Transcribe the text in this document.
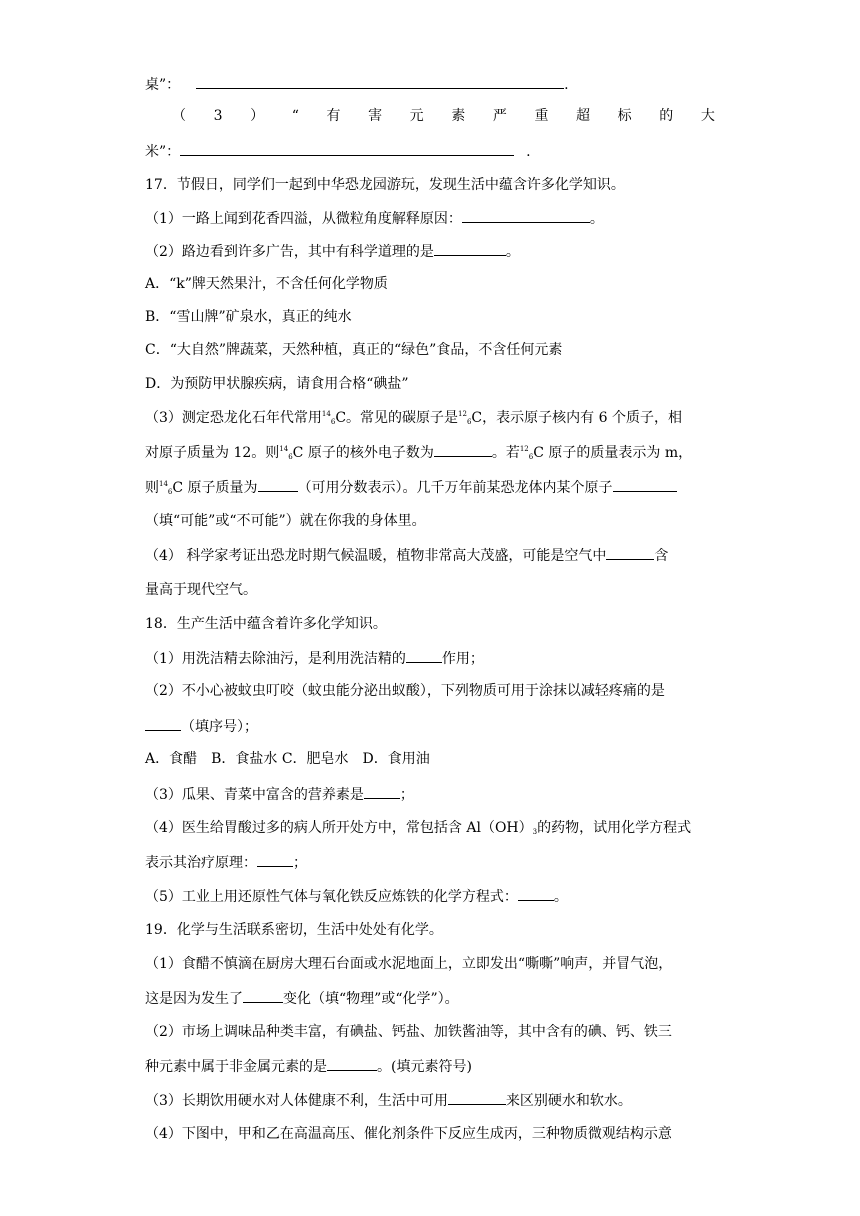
桌”：	.
（ 3 ） “ 有 害 元 素 严 重 超 标 的 大
米”：	.
17．节假日，同学们一起到中华恐龙园游玩，发现生活中蕴含许多化学知识。
（1）一路上闻到花香四溢，从微粒角度解释原因：	。
（2）路边看到许多广告，其中有科学道理的是	。
A．“k”牌天然果汁，不含任何化学物质
B．“雪山牌”矿泉水，真正的纯水
C．“大自然”牌蔬菜，天然种植，真正的“绿色”食品，不含任何元素
D．为预防甲状腺疾病，请食用合格“碘盐”
（3）测定恐龙化石年代常用$^{14}$6C。常见的碳原子是$^{12}$6C，表示原子核内有 6 个质子，相
对原子质量为 12。则$^{14}$6C 原子的核外电子数为	。若$^{12}$6C 原子的质量表示为 m，
则$^{14}$6C 原子质量为	（可用分数表示）。几千万年前某恐龙体内某个原子
（填“可能”或“不可能”）就在你我的身体里。
（4） 科学家考证出恐龙时期气候温暖，植物非常高大茂盛，可能是空气中	含
量高于现代空气。
18．生产生活中蕴含着许多化学知识。
（1）用洗洁精去除油污，是利用洗洁精的	作用；
（2）不小心被蚊虫叮咬（蚊虫能分泌出蚁酸），下列物质可用于涂抹以减轻疼痛的是
（填序号）；
A．食醋　B．食盐水 C．肥皂水　D．食用油
（3）瓜果、青菜中富含的营养素是	；
（4）医生给胃酸过多的病人所开处方中，常包括含 Al（OH）3的药物，试用化学方程式
表示其治疗原理：	；
（5）工业上用还原性气体与氧化铁反应炼铁的化学方程式：	。
19．化学与生活联系密切，生活中处处有化学。
（1）食醋不慎滴在厨房大理石台面或水泥地面上，立即发出“嘶嘶”响声，并冒气泡，
这是因为发生了	变化（填“物理”或“化学”）。
（2）市场上调味品种类丰富，有碘盐、钙盐、加铁酱油等，其中含有的碘、钙、铁三
种元素中属于非金属元素的是	。(填元素符号)
（3）长期饮用硬水对人体健康不利，生活中可用	来区别硬水和软水。
（4）下图中，甲和乙在高温高压、催化剂条件下反应生成丙，三种物质微观结构示意
